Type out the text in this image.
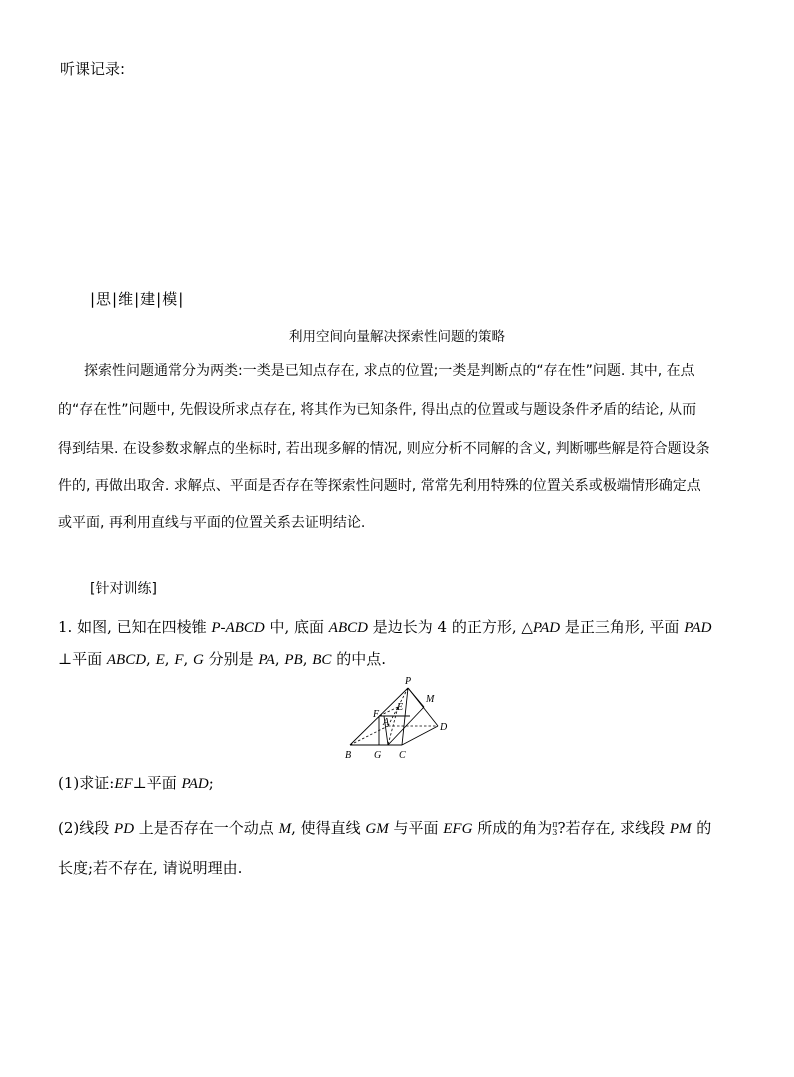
听课记录:
|思|维|建|模|
利用空间向量解决探索性问题的策略
探索性问题通常分为两类:一类是已知点存在, 求点的位置;一类是判断点的“存在性”问题. 其中, 在点
的“存在性”问题中, 先假设所求点存在, 将其作为已知条件, 得出点的位置或与题设条件矛盾的结论, 从而
得到结果. 在设参数求解点的坐标时, 若出现多解的情况, 则应分析不同解的含义, 判断哪些解是符合题设条
件的, 再做出取舍. 求解点、平面是否存在等探索性问题时, 常常先利用特殊的位置关系或极端情形确定点
或平面, 再利用直线与平面的位置关系去证明结论.
[针对训练]
1. 如图, 已知在四棱锥 P-ABCD 中, 底面 ABCD 是边长为 4 的正方形, △PAD 是正三角形, 平面 PAD
⊥平面 ABCD, E, F, G 分别是 PA, PB, BC 的中点.
P
M
F
E
A	D
B G C
(1)求证:EF⊥平面 PAD;
(2)线段 PD 上是否存在一个动点 M, 使得直线 GM 与平面 EFG 所成的角为π
3?若存在, 求线段 PM 的
长度;若不存在, 请说明理由.
